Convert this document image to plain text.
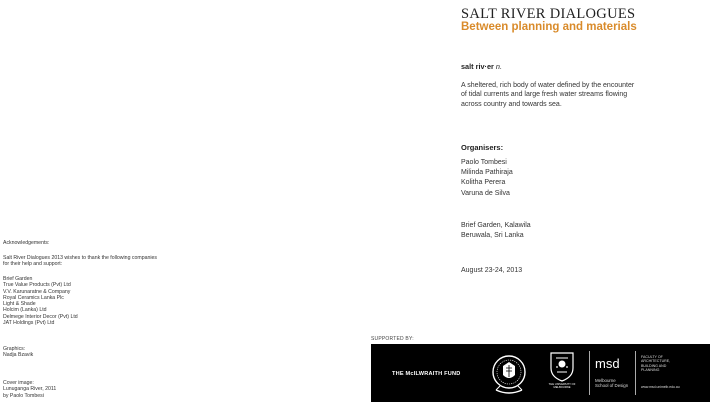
Acknowledgements:
Salt River Dialogues 2013 wishes to thank the following companies
for their help and support:
Brief Garden
True Value Products (Pvt) Ltd
V.V. Karunaratne & Company
Royal Ceramics Lanka Plc
Light & Shade
Holcim (Lanka) Ltd
Delmege Interior Decor (Pvt) Ltd
JAT Holdings (Pvt) Ltd
Graphics:
Nadja Bzavik
Cover image:
Lunuganga River, 2011
by Paolo Tombesi
SALT RIVER DIALOGUES
Between planning and materials
salt riv·er n.
A sheltered, rich body of water defined by the encounter of tidal currents and large fresh water streams flowing across country and towards sea.
Organisers:
Paolo Tombesi
Milinda Pathiraja
Kolitha Perera
Varuna de Silva
Brief Garden, Kalawila
Beruwala, Sri Lanka
August 23-24, 2013
SUPPORTED BY:
THE McILWRAITH FUND
THE UNIVERSITY OF MELBOURNE
msd
Melbourne
School of Design
FACULTY OF
ARCHITECTURE,
BUILDING AND
PLANNING
www.msd.unimelb.edu.au
